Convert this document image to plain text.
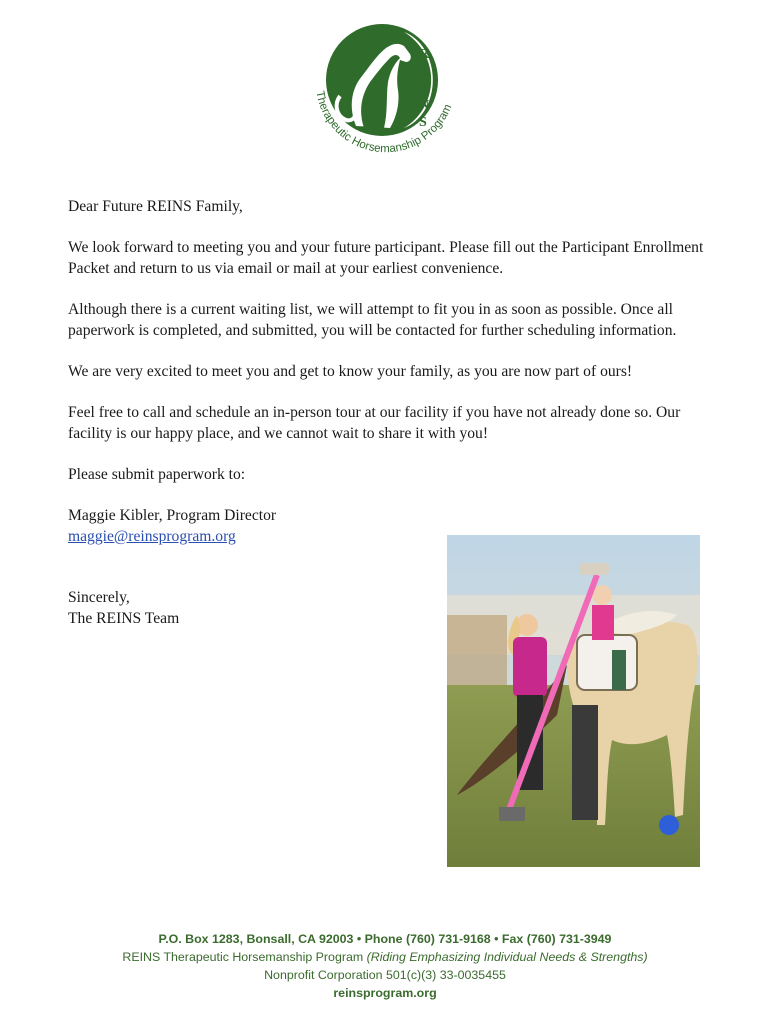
R
E
I
N
S
Therapeutic Horsemanship Program

Dear Future REINS Family,

We look forward to meeting you and your future participant. Please fill out the Participant Enrollment Packet and return to us via email or mail at your earliest convenience.

Although there is a current waiting list, we will attempt to fit you in as soon as possible. Once all paperwork is completed, and submitted, you will be contacted for further scheduling information.

We are very excited to meet you and get to know your family, as you are now part of ours!

Feel free to call and schedule an in-person tour at our facility if you have not already done so. Our facility is our happy place, and we cannot wait to share it with you!

Please submit paperwork to:

Maggie Kibler, Program Director

maggie@reinsprogram.org

Sincerely,

The REINS Team

P.O. Box 1283, Bonsall, CA 92003 • Phone (760) 731-9168 • Fax (760) 731-3949
REINS Therapeutic Horsemanship Program (Riding Emphasizing Individual Needs & Strengths)
Nonprofit Corporation 501(c)(3) 33-0035455
reinsprogram.org
